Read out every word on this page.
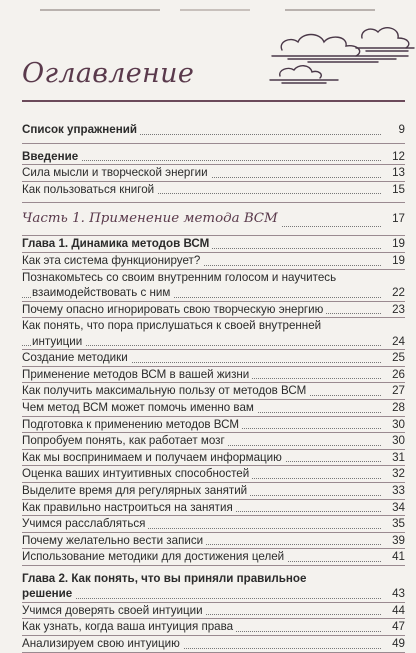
Оглавление
Список упражнений	9
Введение	12
Сила мысли и творческой энергии	13
Как пользоваться книгой	15
Часть 1. Применение метода ВСМ	17
Глава 1. Динамика методов ВСМ	19
Как эта система функционирует?	19
Познакомьтесь со своим внутренним голосом и научитесь
взаимодействовать с ним	22
Почему опасно игнорировать свою творческую энергию	23
Как понять, что пора прислушаться к своей внутренней
интуиции	24
Создание методики	25
Применение методов ВСМ в вашей жизни	26
Как получить максимальную пользу от методов ВСМ	27
Чем метод ВСМ может помочь именно вам	28
Подготовка к применению методов ВСМ	30
Попробуем понять, как работает мозг	30
Как мы воспринимаем и получаем информацию	31
Оценка ваших интуитивных способностей	32
Выделите время для регулярных занятий	33
Как правильно настроиться на занятия	34
Учимся расслабляться	35
Почему желательно вести записи	39
Использование методики для достижения целей	41
Глава 2. Как понять, что вы приняли правильное
решение	43
Учимся доверять своей интуиции	44
Как узнать, когда ваша интуиция права	47
Анализируем свою интуицию	49
